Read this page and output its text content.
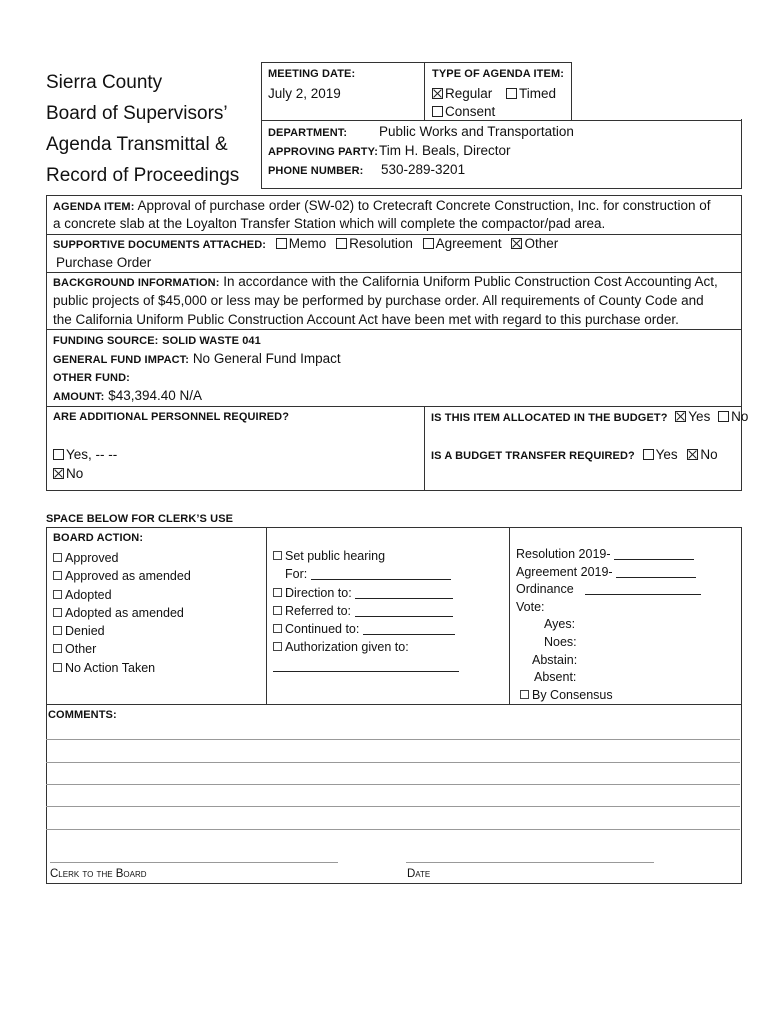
Sierra County
Board of Supervisors’
Agenda Transmittal &
Record of Proceedings
MEETING DATE:
July 2, 2019
TYPE OF AGENDA ITEM:
Regular Timed
Consent
DEPARTMENT: Public Works and Transportation
APPROVING PARTY: Tim H. Beals, Director
PHONE NUMBER: 530-289-3201
AGENDA ITEM: Approval of purchase order (SW-02) to Cretecraft Concrete Construction, Inc. for construction of
a concrete slab at the Loyalton Transfer Station which will complete the compactor/pad area.
SUPPORTIVE DOCUMENTS ATTACHED: Memo Resolution Agreement Other
Purchase Order
BACKGROUND INFORMATION: In accordance with the California Uniform Public Construction Cost Accounting Act,
public projects of $45,000 or less may be performed by purchase order. All requirements of County Code and
the California Uniform Public Construction Account Act have been met with regard to this purchase order.
FUNDING SOURCE: SOLID WASTE 041
GENERAL FUND IMPACT: No General Fund Impact
OTHER FUND:
AMOUNT: $43,394.40 N/A
ARE ADDITIONAL PERSONNEL REQUIRED?
Yes, -- --
No
IS THIS ITEM ALLOCATED IN THE BUDGET? Yes No
IS A BUDGET TRANSFER REQUIRED? Yes No
SPACE BELOW FOR CLERK’S USE
BOARD ACTION:
Approved
Approved as amended
Adopted
Adopted as amended
Denied
Other
No Action Taken
Set public hearing
For:
Direction to:
Referred to:
Continued to:
Authorization given to:
Resolution 2019-
Agreement 2019-
Ordinance
Vote:
Ayes:
Noes:
Abstain:
Absent:
By Consensus
COMMENTS:
Clerk to the Board	Date
